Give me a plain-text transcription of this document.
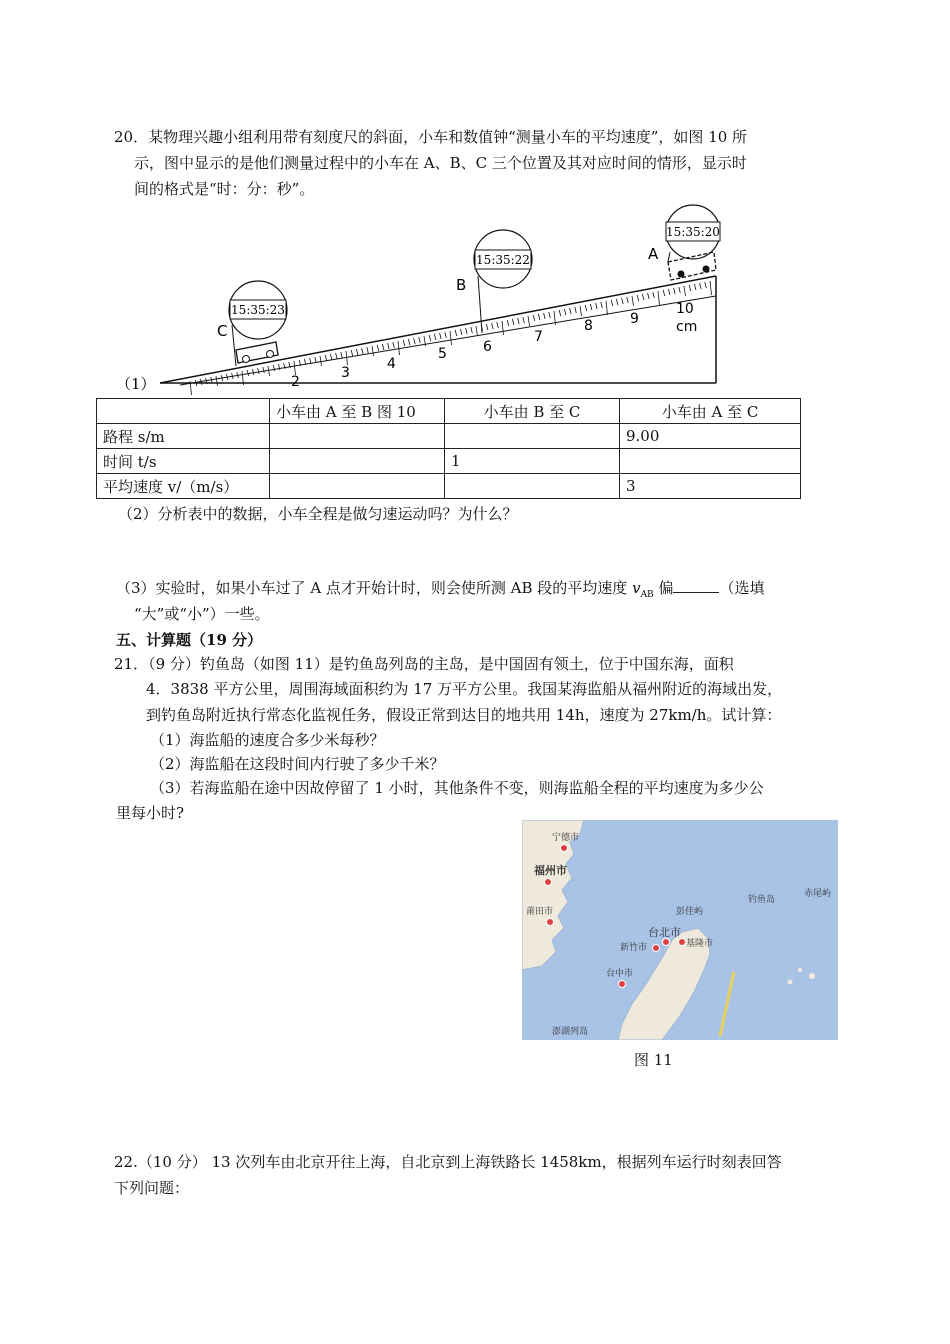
20．某物理兴趣小组利用带有刻度尺的斜面，小车和数值钟“测量小车的平均速度”，如图 10 所
示，图中显示的是他们测量过程中的小车在 A、B、C 三个位置及其对应时间的情形，显示时
间的格式是“时：分：秒”。
15:35:20
15:35:22
15:35:23
A
B
C
2
3
4
5	6
7
8	9
10
cm
（1）
	小车由 A 至 B 图 10	小车由 B 至 C	小车由 A 至 C
路程 s/m			9.00
时间 t/s		1	
平均速度 v/（m/s）			3
（2）分析表中的数据，小车全程是做匀速运动吗？为什么？
（3）实验时，如果小车过了 A 点才开始计时，则会使所测 AB 段的平均速度 $v_{AB}$ 偏	（选填
“大”或“小”）一些。
五、计算题（19 分）
21．（9 分）钓鱼岛（如图 11）是钓鱼岛列岛的主岛，是中国固有领土，位于中国东海，面积
4．3838 平方公里，周围海域面积约为 17 万平方公里。我国某海监船从福州附近的海域出发，
到钓鱼岛附近执行常态化监视任务，假设正常到达目的地共用 14h，速度为 27km/h。试计算：
（1）海监船的速度合多少米每秒？
（2）海监船在这段时间内行驶了多少千米？
（3）若海监船在途中因故停留了 1 小时，其他条件不变，则海监船全程的平均速度为多少公
里每小时?
宁德市
福州市
莆田市	彭佳屿
钓鱼岛
赤尾屿
台北市
新竹市	基隆市
台中市
澎湖列岛
图 11
22.（10 分） 13 次列车由北京开往上海，自北京到上海铁路长 1458km，根据列车运行时刻表回答
下列问题：
